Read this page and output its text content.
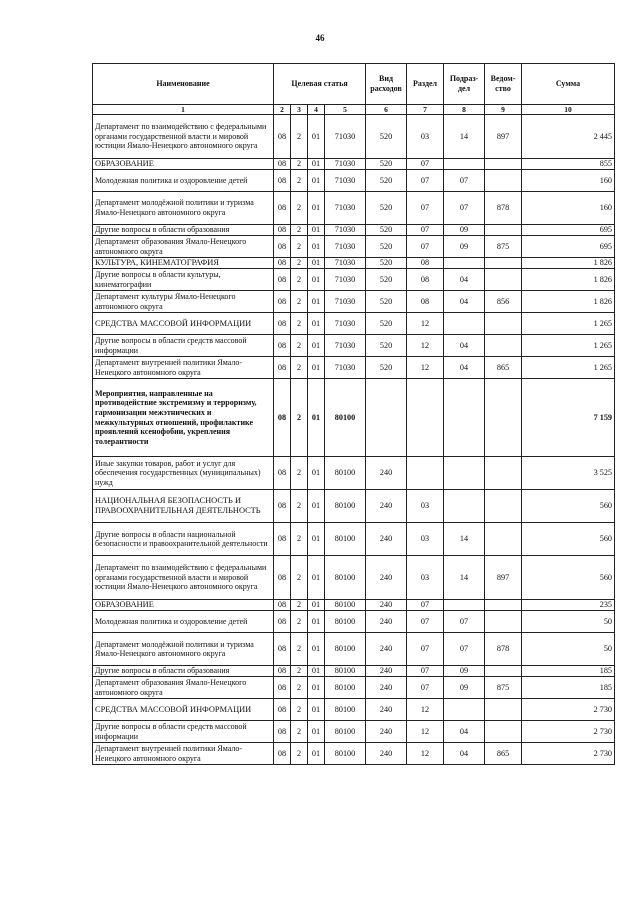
46
Наименование	Целевая статья				Вид расходов	Раздел	Подраз-дел	Ведом-ство	Сумма
1	2	3	4	5	6	7	8	9	10
Департамент по взаимодействию с федеральными органами государственной власти и мировой юстиции Ямало-Ненецкого автономного округа	08	2	01	71030	520	03	14	897	2 445
ОБРАЗОВАНИЕ	08	2	01	71030	520	07			855
Молодежная политика и оздоровление детей	08	2	01	71030	520	07	07		160
Департамент молодёжной политики и туризма Ямало-Ненецкого автономного округа	08	2	01	71030	520	07	07	878	160
Другие вопросы в области образования	08	2	01	71030	520	07	09		695
Департамент образования Ямало-Ненецкого автономного округа	08	2	01	71030	520	07	09	875	695
КУЛЬТУРА, КИНЕМАТОГРАФИЯ	08	2	01	71030	520	08			1 826
Другие вопросы в области культуры, кинематографии	08	2	01	71030	520	08	04		1 826
Департамент культуры Ямало-Ненецкого автономного округа	08	2	01	71030	520	08	04	856	1 826
СРЕДСТВА МАССОВОЙ ИНФОРМАЦИИ	08	2	01	71030	520	12			1 265
Другие вопросы в области средств массовой информации	08	2	01	71030	520	12	04		1 265
Департамент внутренней политики Ямало-Ненецкого автономного округа	08	2	01	71030	520	12	04	865	1 265
Мероприятия, направленные на противодействие экстремизму и терроризму, гармонизации межэтнических и межкультурных отношений, профилактике проявлений ксенофобии, укрепления толерантности	08	2	01	80100					7 159
Иные закупки товаров, работ и услуг для обеспечения государственных (муниципальных) нужд	08	2	01	80100	240				3 525
НАЦИОНАЛЬНАЯ БЕЗОПАСНОСТЬ И ПРАВООХРАНИТЕЛЬНАЯ ДЕЯТЕЛЬНОСТЬ	08	2	01	80100	240	03			560
Другие вопросы в области национальной безопасности и правоохранительной деятельности	08	2	01	80100	240	03	14		560
Департамент по взаимодействию с федеральными органами государственной власти и мировой юстиции Ямало-Ненецкого автономного округа	08	2	01	80100	240	03	14	897	560
ОБРАЗОВАНИЕ	08	2	01	80100	240	07			235
Молодежная политика и оздоровление детей	08	2	01	80100	240	07	07		50
Департамент молодёжной политики и туризма Ямало-Ненецкого автономного округа	08	2	01	80100	240	07	07	878	50
Другие вопросы в области образования	08	2	01	80100	240	07	09		185
Департамент образования Ямало-Ненецкого автономного округа	08	2	01	80100	240	07	09	875	185
СРЕДСТВА МАССОВОЙ ИНФОРМАЦИИ	08	2	01	80100	240	12			2 730
Другие вопросы в области средств массовой информации	08	2	01	80100	240	12	04		2 730
Департамент внутренней политики Ямало-Ненецкого автономного округа	08	2	01	80100	240	12	04	865	2 730
